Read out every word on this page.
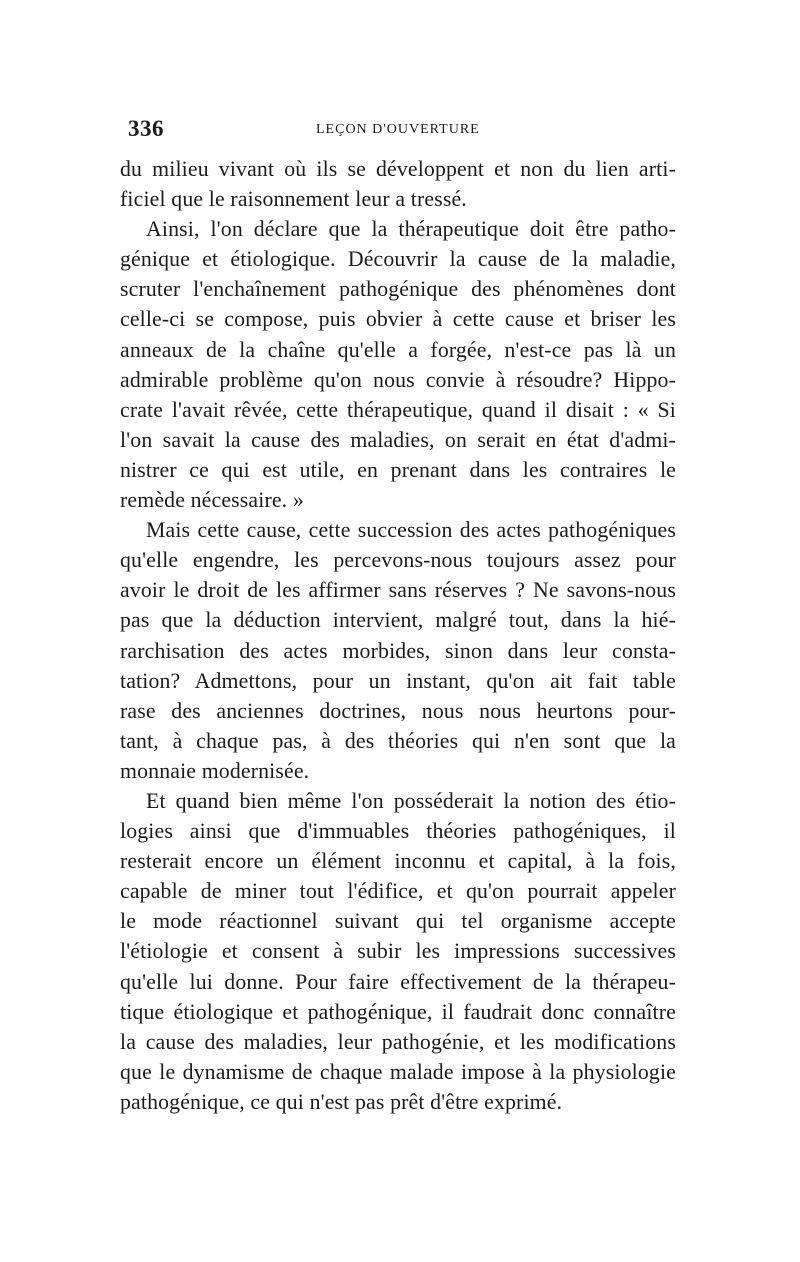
336	LEÇON D'OUVERTURE

du milieu vivant où ils se développent et non du lien arti-
ficiel que le raisonnement leur a tressé.

Ainsi, l'on déclare que la thérapeutique doit être patho-
génique et étiologique. Découvrir la cause de la maladie,
scruter l'enchaînement pathogénique des phénomènes dont
celle-ci se compose, puis obvier à cette cause et briser les
anneaux de la chaîne qu'elle a forgée, n'est-ce pas là un
admirable problème qu'on nous convie à résoudre? Hippo-
crate l'avait rêvée, cette thérapeutique, quand il disait : « Si
l'on savait la cause des maladies, on serait en état d'admi-
nistrer ce qui est utile, en prenant dans les contraires le
remède nécessaire. »

Mais cette cause, cette succession des actes pathogéniques
qu'elle engendre, les percevons-nous toujours assez pour
avoir le droit de les affirmer sans réserves ? Ne savons-nous
pas que la déduction intervient, malgré tout, dans la hié-
rarchisation des actes morbides, sinon dans leur consta-
tation? Admettons, pour un instant, qu'on ait fait table
rase des anciennes doctrines, nous nous heurtons pour-
tant, à chaque pas, à des théories qui n'en sont que la
monnaie modernisée.

Et quand bien même l'on posséderait la notion des étio-
logies ainsi que d'immuables théories pathogéniques, il
resterait encore un élément inconnu et capital, à la fois,
capable de miner tout l'édifice, et qu'on pourrait appeler
le mode réactionnel suivant qui tel organisme accepte
l'étiologie et consent à subir les impressions successives
qu'elle lui donne. Pour faire effectivement de la thérapeu-
tique étiologique et pathogénique, il faudrait donc connaître
la cause des maladies, leur pathogénie, et les modifications
que le dynamisme de chaque malade impose à la physiologie
pathogénique, ce qui n'est pas prêt d'être exprimé.
